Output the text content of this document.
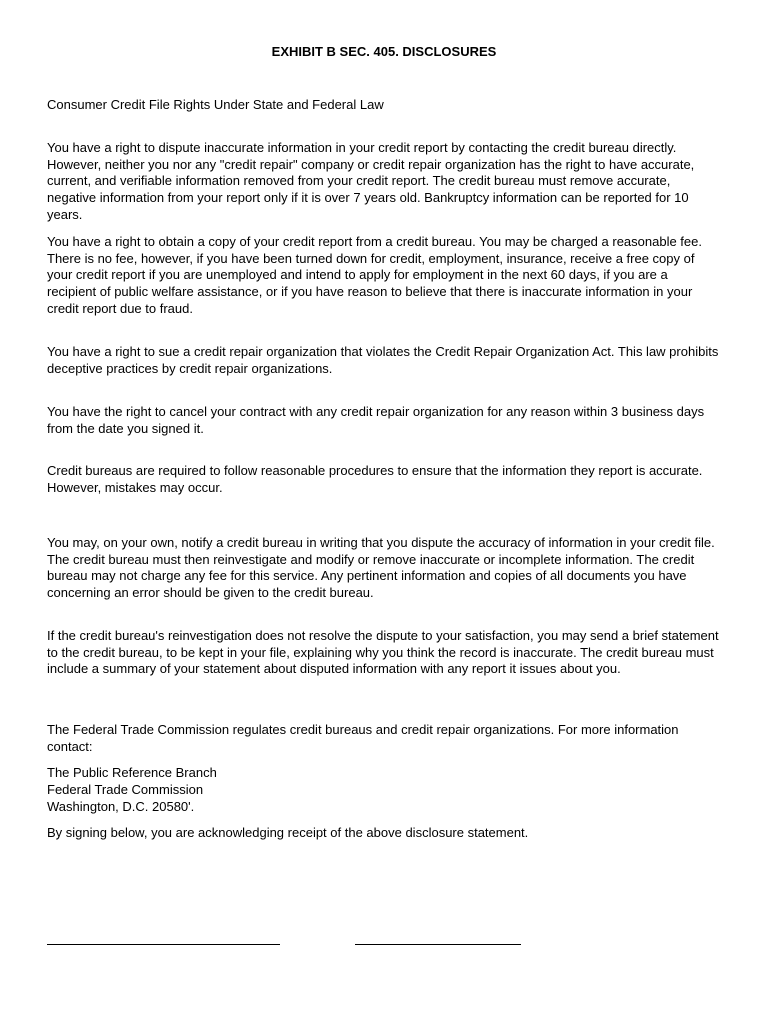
EXHIBIT B SEC. 405. DISCLOSURES

Consumer Credit File Rights Under State and Federal Law

You have a right to dispute inaccurate information in your credit report by contacting the credit bureau directly. However, neither you nor any "credit repair" company or credit repair organization has the right to have accurate, current, and verifiable information removed from your credit report. The credit bureau must remove accurate, negative information from your report only if it is over 7 years old. Bankruptcy information can be reported for 10 years.

You have a right to obtain a copy of your credit report from a credit bureau. You may be charged a reasonable fee. There is no fee, however, if you have been turned down for credit, employment, insurance, receive a free copy of your credit report if you are unemployed and intend to apply for employment in the next 60 days, if you are a recipient of public welfare assistance, or if you have reason to believe that there is inaccurate information in your credit report due to fraud.

You have a right to sue a credit repair organization that violates the Credit Repair Organization Act. This law prohibits deceptive practices by credit repair organizations.

You have the right to cancel your contract with any credit repair organization for any reason within 3 business days from the date you signed it.

Credit bureaus are required to follow reasonable procedures to ensure that the information they report is accurate. However, mistakes may occur.

You may, on your own, notify a credit bureau in writing that you dispute the accuracy of information in your credit file. The credit bureau must then reinvestigate and modify or remove inaccurate or incomplete information. The credit bureau may not charge any fee for this service. Any pertinent information and copies of all documents you have concerning an error should be given to the credit bureau.

If the credit bureau's reinvestigation does not resolve the dispute to your satisfaction, you may send a brief statement to the credit bureau, to be kept in your file, explaining why you think the record is inaccurate. The credit bureau must include a summary of your statement about disputed information with any report it issues about you.

The Federal Trade Commission regulates credit bureaus and credit repair organizations. For more information contact:

The Public Reference Branch

Federal Trade Commission

Washington, D.C. 20580'.

By signing below, you are acknowledging receipt of the above disclosure statement.
